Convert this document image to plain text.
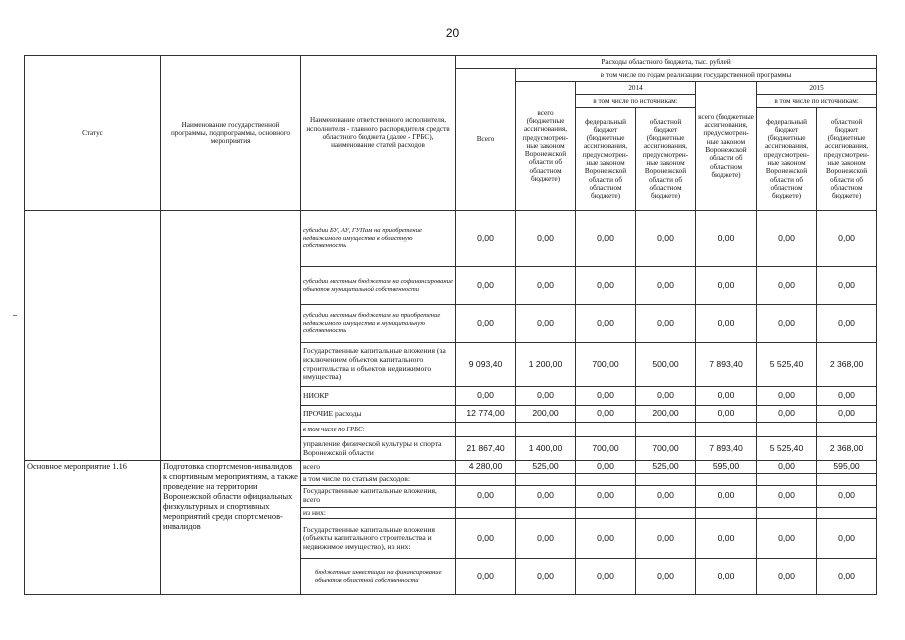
20
Статус	Наименование государственной программы, подпрограммы, основного мероприятия	Наименование ответственного исполнителя, исполнителя - главного распорядителя средств областного бюджета (далее - ГРБС), наименование статей расходов	Расходы областного бюджета, тыс. рублей						
			Всего	в том числе по годам реализации государственной программы					
				всего (бюджетные ассигнования, предусмотрен-ные законом Воронежской области об областном бюджете)	2014		всего (бюджетные ассигнования, предусмотрен-ные законом Воронежской области об областном бюджете)	2015	
					в том числе по источникам:			в том числе по источникам:	
					федеральный бюджет (бюджетные ассигнования, предусмотрен-ные законом Воронежской области об областном бюджете)	областной бюджет (бюджетные ассигнования, предусмотрен-ные законом Воронежской области об областном бюджете)		федеральный бюджет (бюджетные ассигнования, предусмотрен-ные законом Воронежской области об областном бюджете)	областной бюджет (бюджетные ассигнования, предусмотрен-ные законом Воронежской области об областном бюджете)
		субсидии БУ, АУ, ГУПам на приобретение недвижимого имущества в областную собственность	0,00	0,00	0,00	0,00	0,00	0,00	0,00
		субсидии местным бюджетам на софинансирование объектов муниципальной собственности	0,00	0,00	0,00	0,00	0,00	0,00	0,00
		субсидии местным бюджетам на приобретение недвижимого имущества в муниципальную собственность	0,00	0,00	0,00	0,00	0,00	0,00	0,00
		Государственные капитальные вложения (за исключением объектов капитального строительства и объектов недвижимого имущества)	9 093,40	1 200,00	700,00	500,00	7 893,40	5 525,40	2 368,00
		НИОКР	0,00	0,00	0,00	0,00	0,00	0,00	0,00
		ПРОЧИЕ расходы	12 774,00	200,00	0,00	200,00	0,00	0,00	0,00
		в том числе по ГРБС:							
		управление физической культуры и спорта Воронежской области	21 867,40	1 400,00	700,00	700,00	7 893,40	5 525,40	2 368,00
Основное мероприятие 1.16	Подготовка спортсменов-инвалидов к спортивным мероприятиям, а также проведение на территории Воронежской области официальных физкультурных и спортивных мероприятий среди спортсменов-инвалидов	всего	4 280,00	525,00	0,00	525,00	595,00	0,00	595,00
		в том числе по статьям расходов:							
		Государственные капитальные вложения, всего	0,00	0,00	0,00	0,00	0,00	0,00	0,00
		из них:							
		Государственные капитальные вложения (объекты капитального строительства и недвижимое имущество), из них:	0,00	0,00	0,00	0,00	0,00	0,00	0,00
		бюджетные инвестиции на финансирование объектов областной собственности	0,00	0,00	0,00	0,00	0,00	0,00	0,00
